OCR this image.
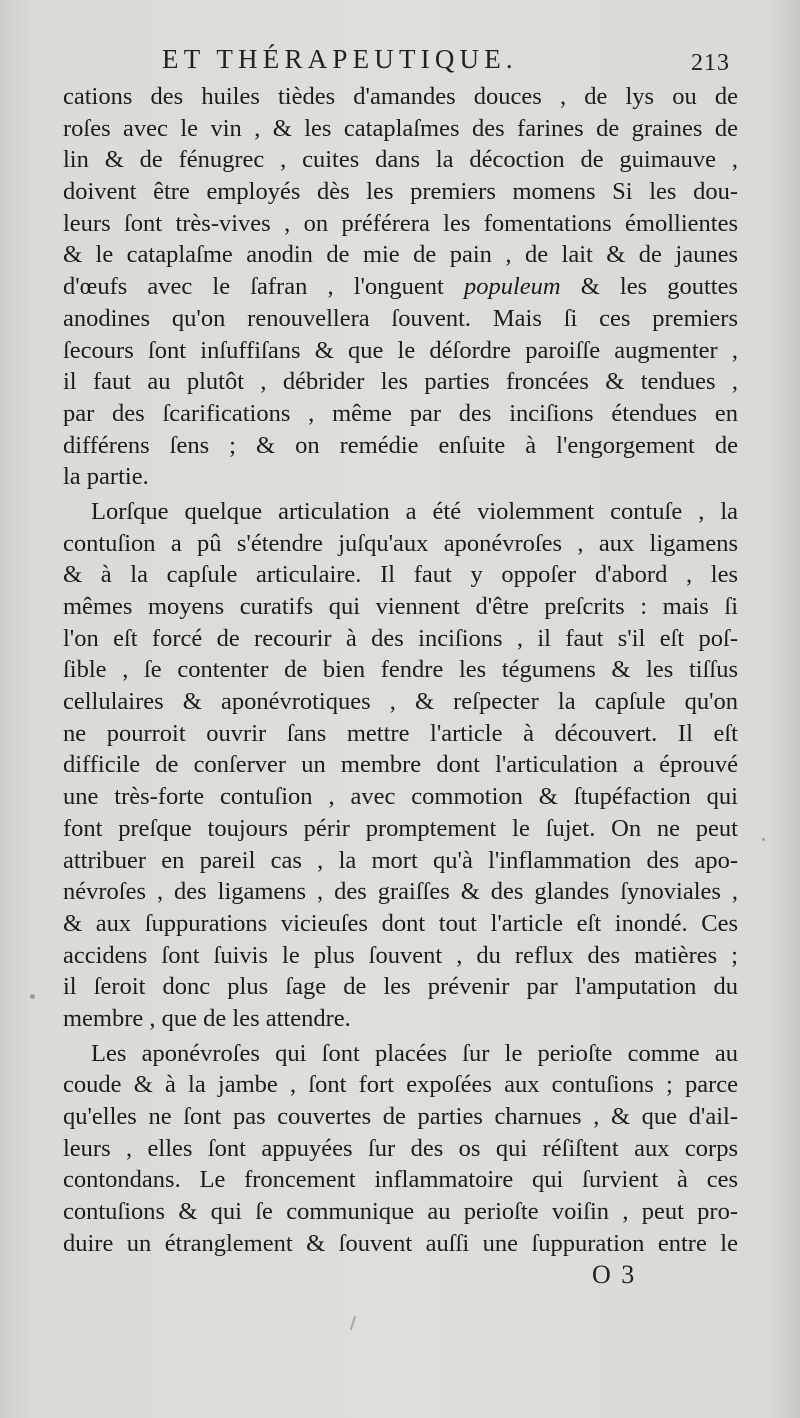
ET THÉRAPEUTIQUE.	213
cations des huiles tièdes d'amandes douces , de lys ou de
roſes avec le vin , & les cataplaſmes des farines de graines de
lin & de fénugrec , cuites dans la décoction de guimauve ,
doivent être employés dès les premiers momens Si les dou-
leurs ſont très-vives , on préférera les fomentations émollientes
& le cataplaſme anodin de mie de pain , de lait & de jaunes
d'œufs avec le ſafran , l'onguent populeum & les gouttes
anodines qu'on renouvellera ſouvent. Mais ſi ces premiers
ſecours ſont inſuffiſans & que le déſordre paroiſſe augmenter ,
il faut au plutôt , débrider les parties froncées & tendues ,
par des ſcarifications , même par des inciſions étendues en
différens ſens ; & on remédie enſuite à l'engorgement de
la partie.
Lorſque quelque articulation a été violemment contuſe , la
contuſion a pû s'étendre juſqu'aux aponévroſes , aux ligamens
& à la capſule articulaire. Il faut y oppoſer d'abord , les
mêmes moyens curatifs qui viennent d'être preſcrits : mais ſi
l'on eſt forcé de recourir à des inciſions , il faut s'il eſt poſ-
ſible , ſe contenter de bien fendre les tégumens & les tiſſus
cellulaires & aponévrotiques , & reſpecter la capſule qu'on
ne pourroit ouvrir ſans mettre l'article à découvert. Il eſt
difficile de conſerver un membre dont l'articulation a éprouvé
une très-forte contuſion , avec commotion & ſtupéfaction qui
font preſque toujours périr promptement le ſujet. On ne peut
attribuer en pareil cas , la mort qu'à l'inflammation des apo-
névroſes , des ligamens , des graiſſes & des glandes ſynoviales ,
& aux ſuppurations vicieuſes dont tout l'article eſt inondé. Ces
accidens ſont ſuivis le plus ſouvent , du reflux des matières ;
il ſeroit donc plus ſage de les prévenir par l'amputation du
membre , que de les attendre.
Les aponévroſes qui ſont placées ſur le perioſte comme au
coude & à la jambe , ſont fort expoſées aux contuſions ; parce
qu'elles ne ſont pas couvertes de parties charnues , & que d'ail-
leurs , elles ſont appuyées ſur des os qui réſiſtent aux corps
contondans. Le froncement inflammatoire qui ſurvient à ces
contuſions & qui ſe communique au perioſte voiſin , peut pro-
duire un étranglement & ſouvent auſſi une ſuppuration entre le
O 3
